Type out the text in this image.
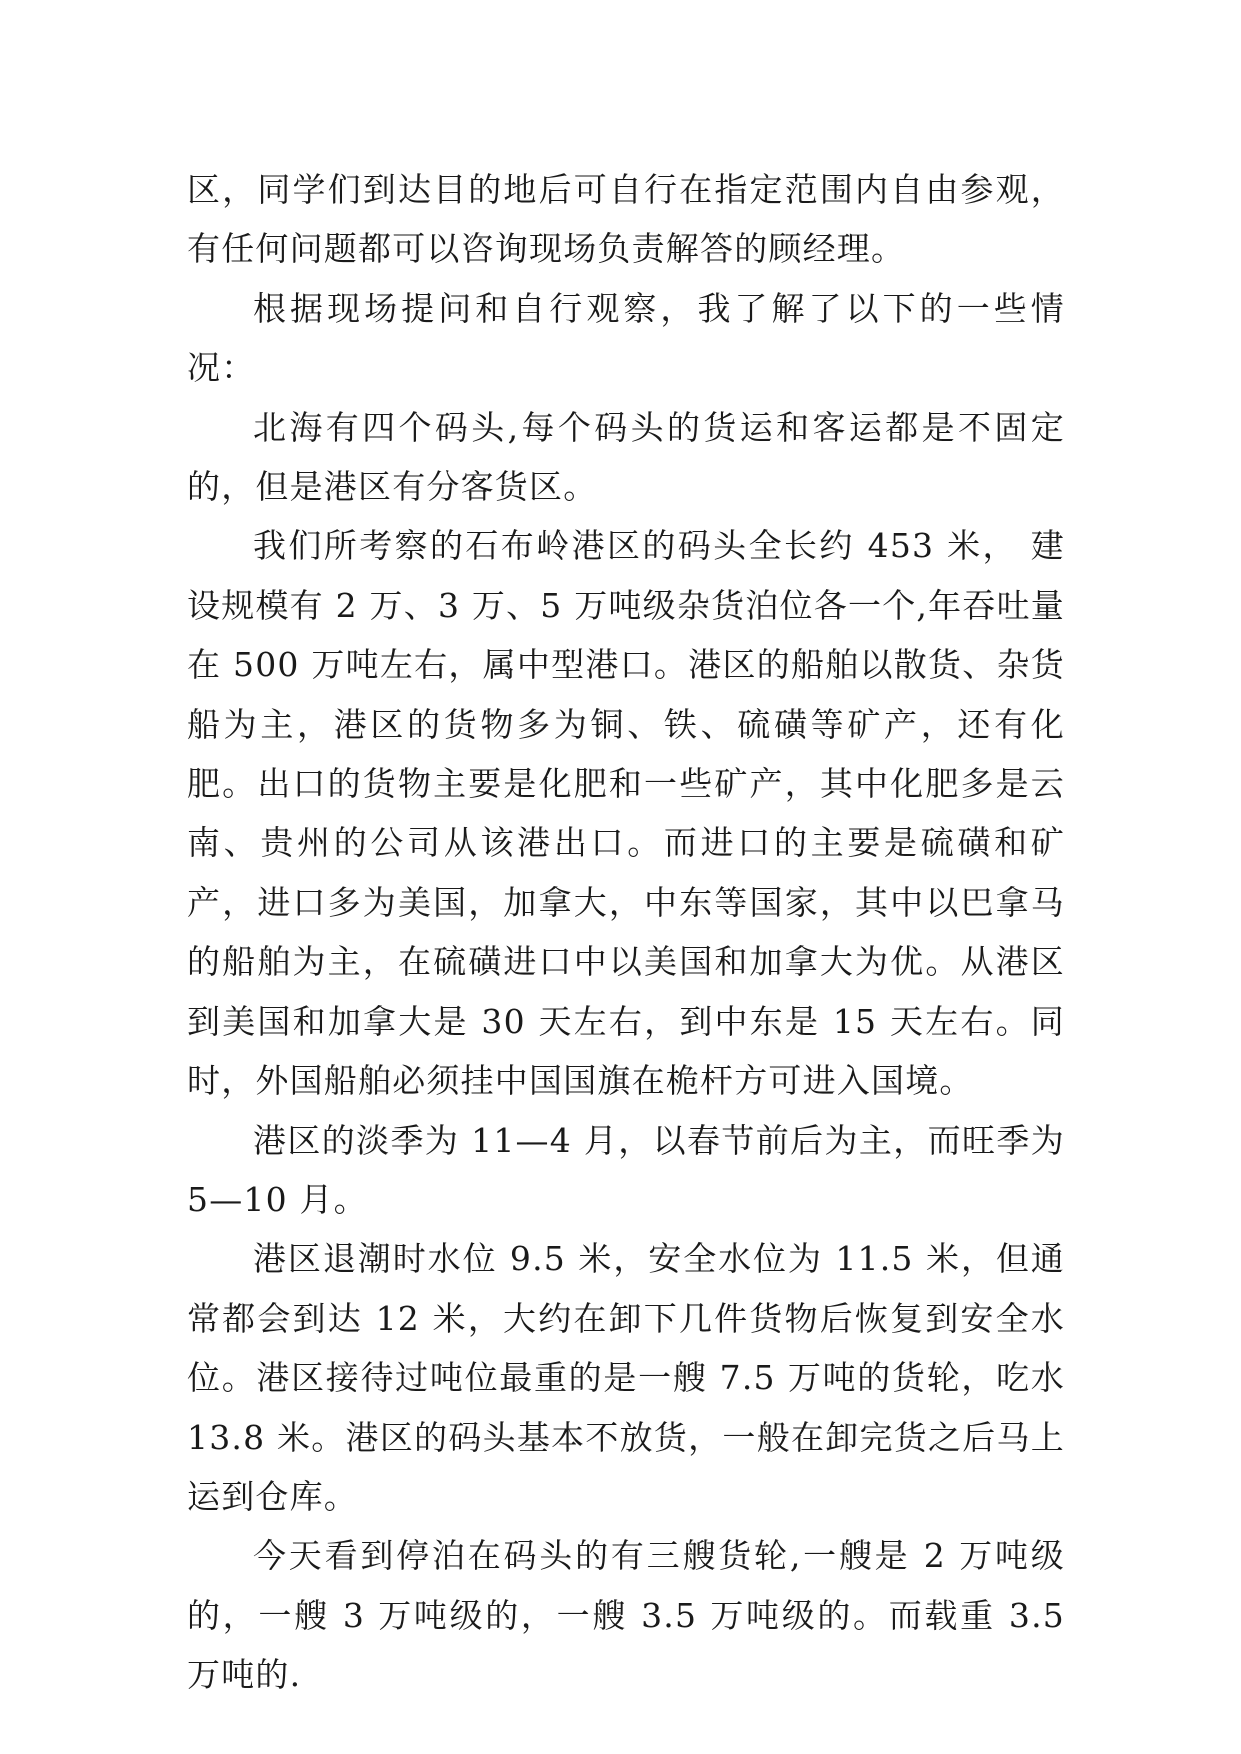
区，同学们到达目的地后可自行在指定范围内自由参观，有任何问题都可以咨询现场负责解答的顾经理。

根据现场提问和自行观察，我了解了以下的一些情况：

北海有四个码头,每个码头的货运和客运都是不固定的，但是港区有分客货区。

我们所考察的石布岭港区的码头全长约 453 米， 建设规模有 2 万、3 万、5 万吨级杂货泊位各一个,年吞吐量在 500 万吨左右，属中型港口。港区的船舶以散货、杂货船为主，港区的货物多为铜、铁、硫磺等矿产，还有化肥。出口的货物主要是化肥和一些矿产，其中化肥多是云南、贵州的公司从该港出口。而进口的主要是硫磺和矿产，进口多为美国，加拿大，中东等国家，其中以巴拿马的船舶为主，在硫磺进口中以美国和加拿大为优。从港区到美国和加拿大是 30 天左右，到中东是 15 天左右。同时，外国船舶必须挂中国国旗在桅杆方可进入国境。

港区的淡季为 11—4 月，以春节前后为主，而旺季为 5—10 月。

港区退潮时水位 9.5 米，安全水位为 11.5 米，但通常都会到达 12 米，大约在卸下几件货物后恢复到安全水位。港区接待过吨位最重的是一艘 7.5 万吨的货轮，吃水 13.8 米。港区的码头基本不放货，一般在卸完货之后马上运到仓库。

今天看到停泊在码头的有三艘货轮,一艘是 2 万吨级的，一艘 3 万吨级的，一艘 3.5 万吨级的。而载重 3.5 万吨的.
